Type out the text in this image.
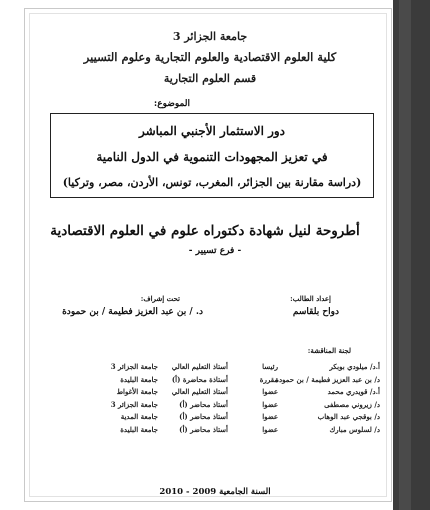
جامعة الجزائر 3
كلية العلوم الاقتصادية والعلوم التجارية وعلوم التسيير
قسم العلوم التجارية
الموضوع:
دور الاستثمار الأجنبي المباشر
في تعزيز المجهودات التنموية في الدول النامية
(دراسة مقارنة بين الجزائر، المغرب، تونس، الأردن، مصر، وتركيا)
أطروحة لنيل شهادة دكتوراه علوم في العلوم الاقتصادية
- فرع تسيير -
إعداد الطالب:
دواح بلقاسم
تحت إشراف:
د. / بن عبد العزيز فطيمة / بن حمودة
لجنة المناقشة:
أ.د/ ميلودي بوبكر
رئيسا
أستاذ التعليم العالي
جامعة الجزائر 3
د/ بن عبد العزيز فطيمة / بن حمودة
مقررة
أستاذة محاضرة (أ)
جامعة البليدة
أ.د/ قويدري محمد
عضوا
أستاذ التعليم العالي
جامعة الأغواط
د/ زيروني مصطفى
عضوا
أستاذ محاضر (أ)
جامعة الجزائر 3
د/ بوقجي عبد الوهاب
عضوا
أستاذ محاضر (أ)
جامعة المدية
د/ لسلوس مبارك
عضوا
أستاذ محاضر (أ)
جامعة البليدة
السنة الجامعية 2009 - 2010
